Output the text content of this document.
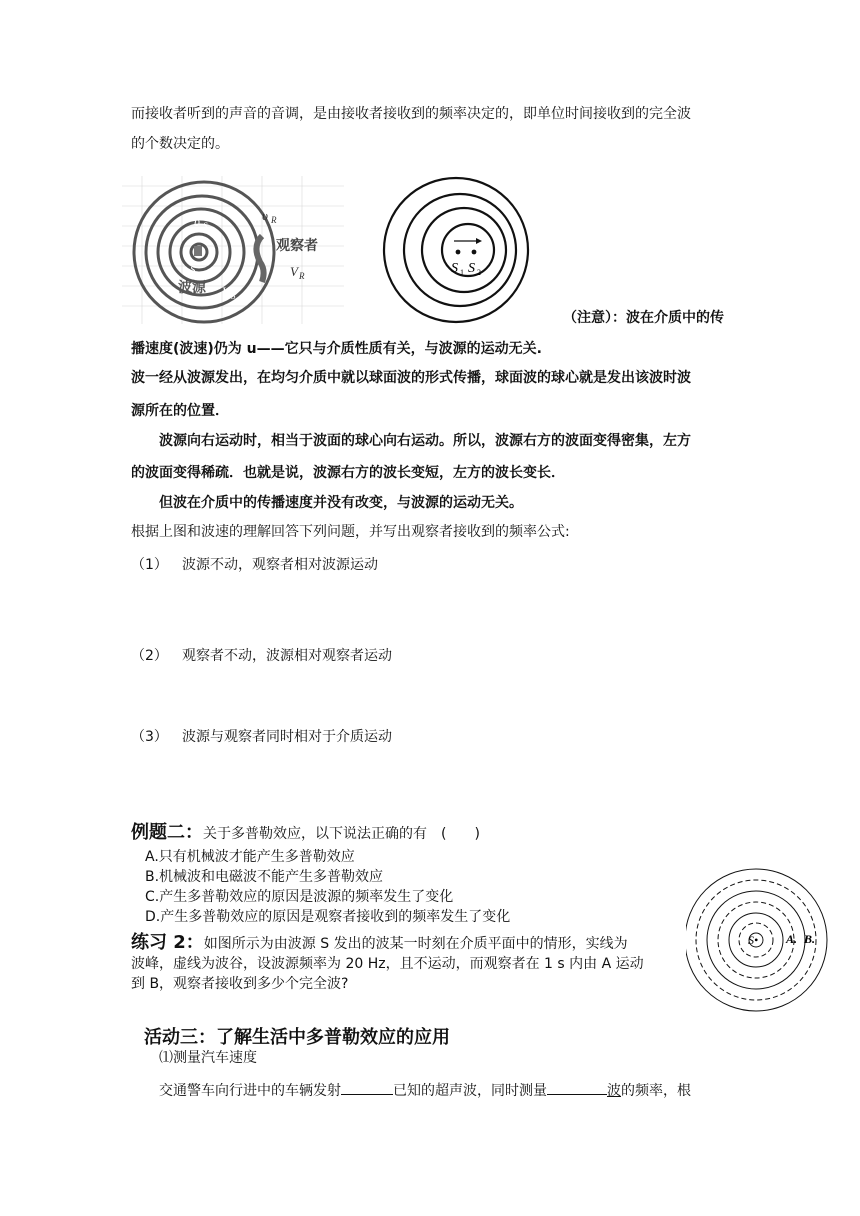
而接收者听到的声音的音调，是由接收者接收到的频率决定的，即单位时间接收到的完全波
的个数决定的。
观察者
波源
υ R
υ S
S	V R
V S
S 1 S 2
（注意）：波在介质中的传
播速度(波速)仍为 u——它只与介质性质有关，与波源的运动无关.
波一经从波源发出，在均匀介质中就以球面波的形式传播，球面波的球心就是发出该波时波
源所在的位置．
波源向右运动时，相当于波面的球心向右运动。所以，波源右方的波面变得密集，左方
的波面变得稀疏．也就是说，波源右方的波长变短，左方的波长变长．
但波在介质中的传播速度并没有改变，与波源的运动无关。
根据上图和波速的理解回答下列问题，并写出观察者接收到的频率公式:
（1） 波源不动，观察者相对波源运动
（2） 观察者不动，波源相对观察者运动
（3） 波源与观察者同时相对于介质运动
例题二：关于多普勒效应，以下说法正确的有　(　　)
A.只有机械波才能产生多普勒效应
B.机械波和电磁波不能产生多普勒效应
C.产生多普勒效应的原因是波源的频率发生了变化
D.产生多普勒效应的原因是观察者接收到的频率发生了变化
练习 2：如图所示为由波源 S 发出的波某一时刻在介质平面中的情形，实线为
波峰，虚线为波谷，设波源频率为 20 Hz，且不运动，而观察者在 1 s 内由 A 运动
到 B，观察者接收到多少个完全波?
S• A. B.
活动三：了解生活中多普勒效应的应用
⑴测量汽车速度
交通警车向行进中的车辆发射	已知的超声波，同时测量	波的频率，根
